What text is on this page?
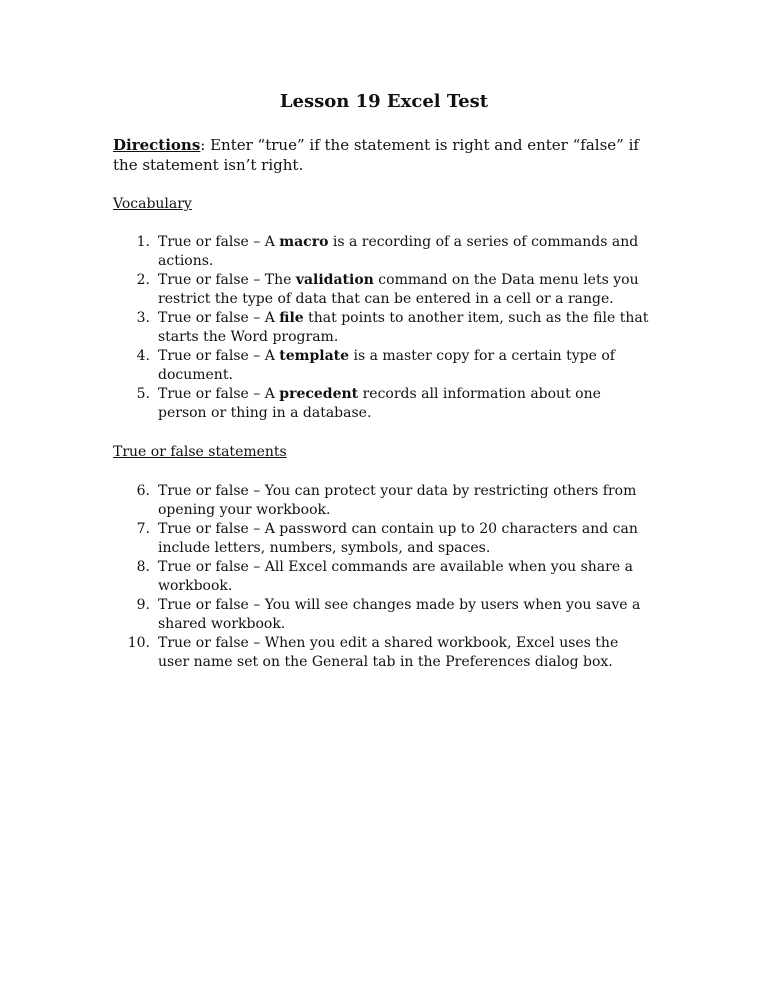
Lesson 19 Excel Test

Directions: Enter “true” if the statement is right and enter “false” if the statement isn’t right.

Vocabulary
1. True or false – A macro is a recording of a series of commands and actions.
2. True or false – The validation command on the Data menu lets you restrict the type of data that can be entered in a cell or a range.
3. True or false – A file that points to another item, such as the file that starts the Word program.
4. True or false – A template is a master copy for a certain type of document.
5. True or false – A precedent records all information about one person or thing in a database.
True or false statements
6. True or false – You can protect your data by restricting others from opening your workbook.
7. True or false – A password can contain up to 20 characters and can include letters, numbers, symbols, and spaces.
8. True or false – All Excel commands are available when you share a workbook.
9. True or false – You will see changes made by users when you save a shared workbook.
10. True or false – When you edit a shared workbook, Excel uses the user name set on the General tab in the Preferences dialog box.
